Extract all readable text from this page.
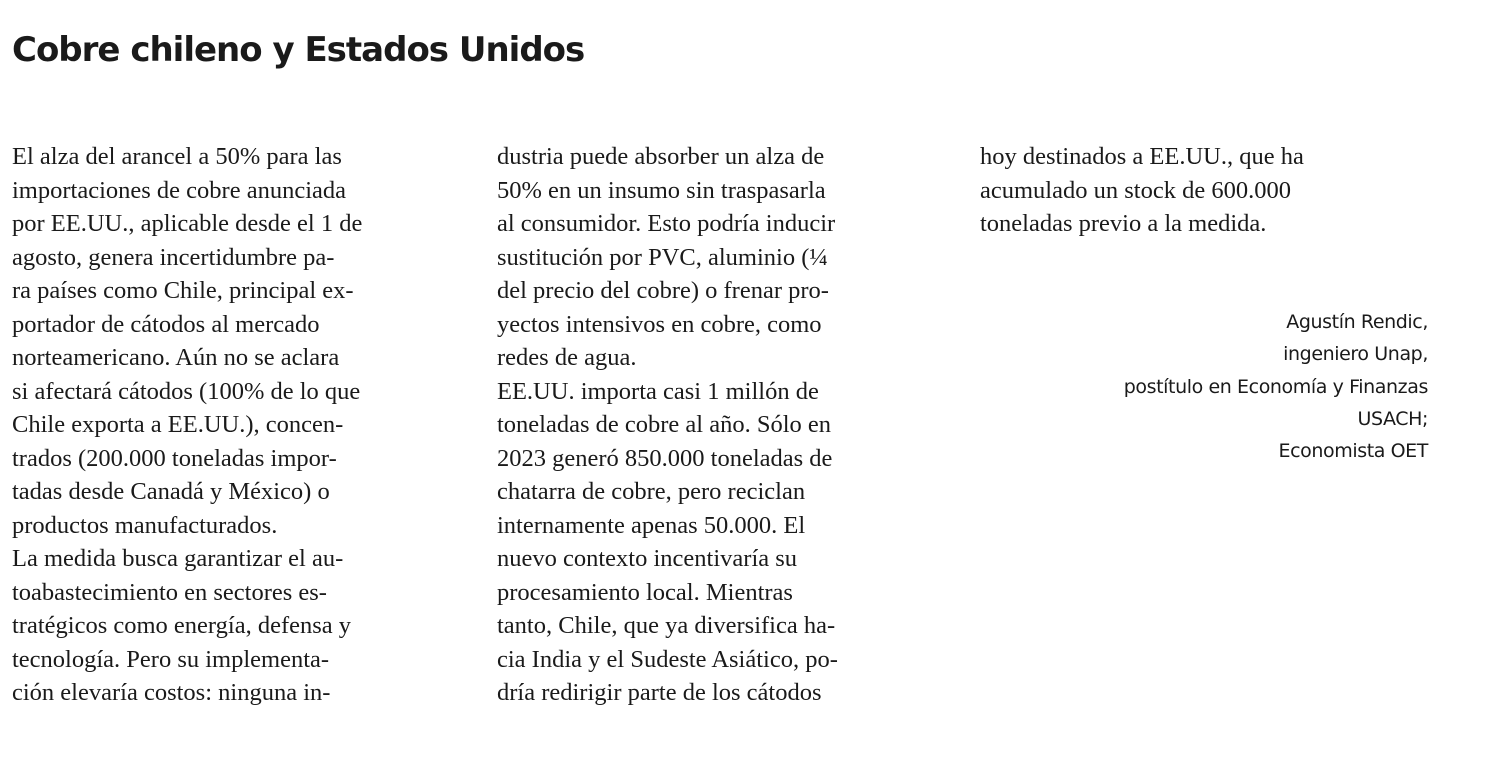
Cobre chileno y Estados Unidos
El alza del arancel a 50% para las
importaciones de cobre anunciada
por EE.UU., aplicable desde el 1 de
agosto, genera incertidumbre pa-
ra países como Chile, principal ex-
portador de cátodos al mercado
norteamericano. Aún no se aclara
si afectará cátodos (100% de lo que
Chile exporta a EE.UU.), concen-
trados (200.000 toneladas impor-
tadas desde Canadá y México) o
productos manufacturados.
La medida busca garantizar el au-
toabastecimiento en sectores es-
tratégicos como energía, defensa y
tecnología. Pero su implementa-
ción elevaría costos: ninguna in-
dustria puede absorber un alza de
50% en un insumo sin traspasarla
al consumidor. Esto podría inducir
sustitución por PVC, aluminio (¼
del precio del cobre) o frenar pro-
yectos intensivos en cobre, como
redes de agua.
EE.UU. importa casi 1 millón de
toneladas de cobre al año. Sólo en
2023 generó 850.000 toneladas de
chatarra de cobre, pero reciclan
internamente apenas 50.000. El
nuevo contexto incentivaría su
procesamiento local. Mientras
tanto, Chile, que ya diversifica ha-
cia India y el Sudeste Asiático, po-
dría redirigir parte de los cátodos
hoy destinados a EE.UU., que ha
acumulado un stock de 600.000
toneladas previo a la medida.
Agustín Rendic,
ingeniero Unap,
postítulo en Economía y Finanzas
USACH;
Economista OET
